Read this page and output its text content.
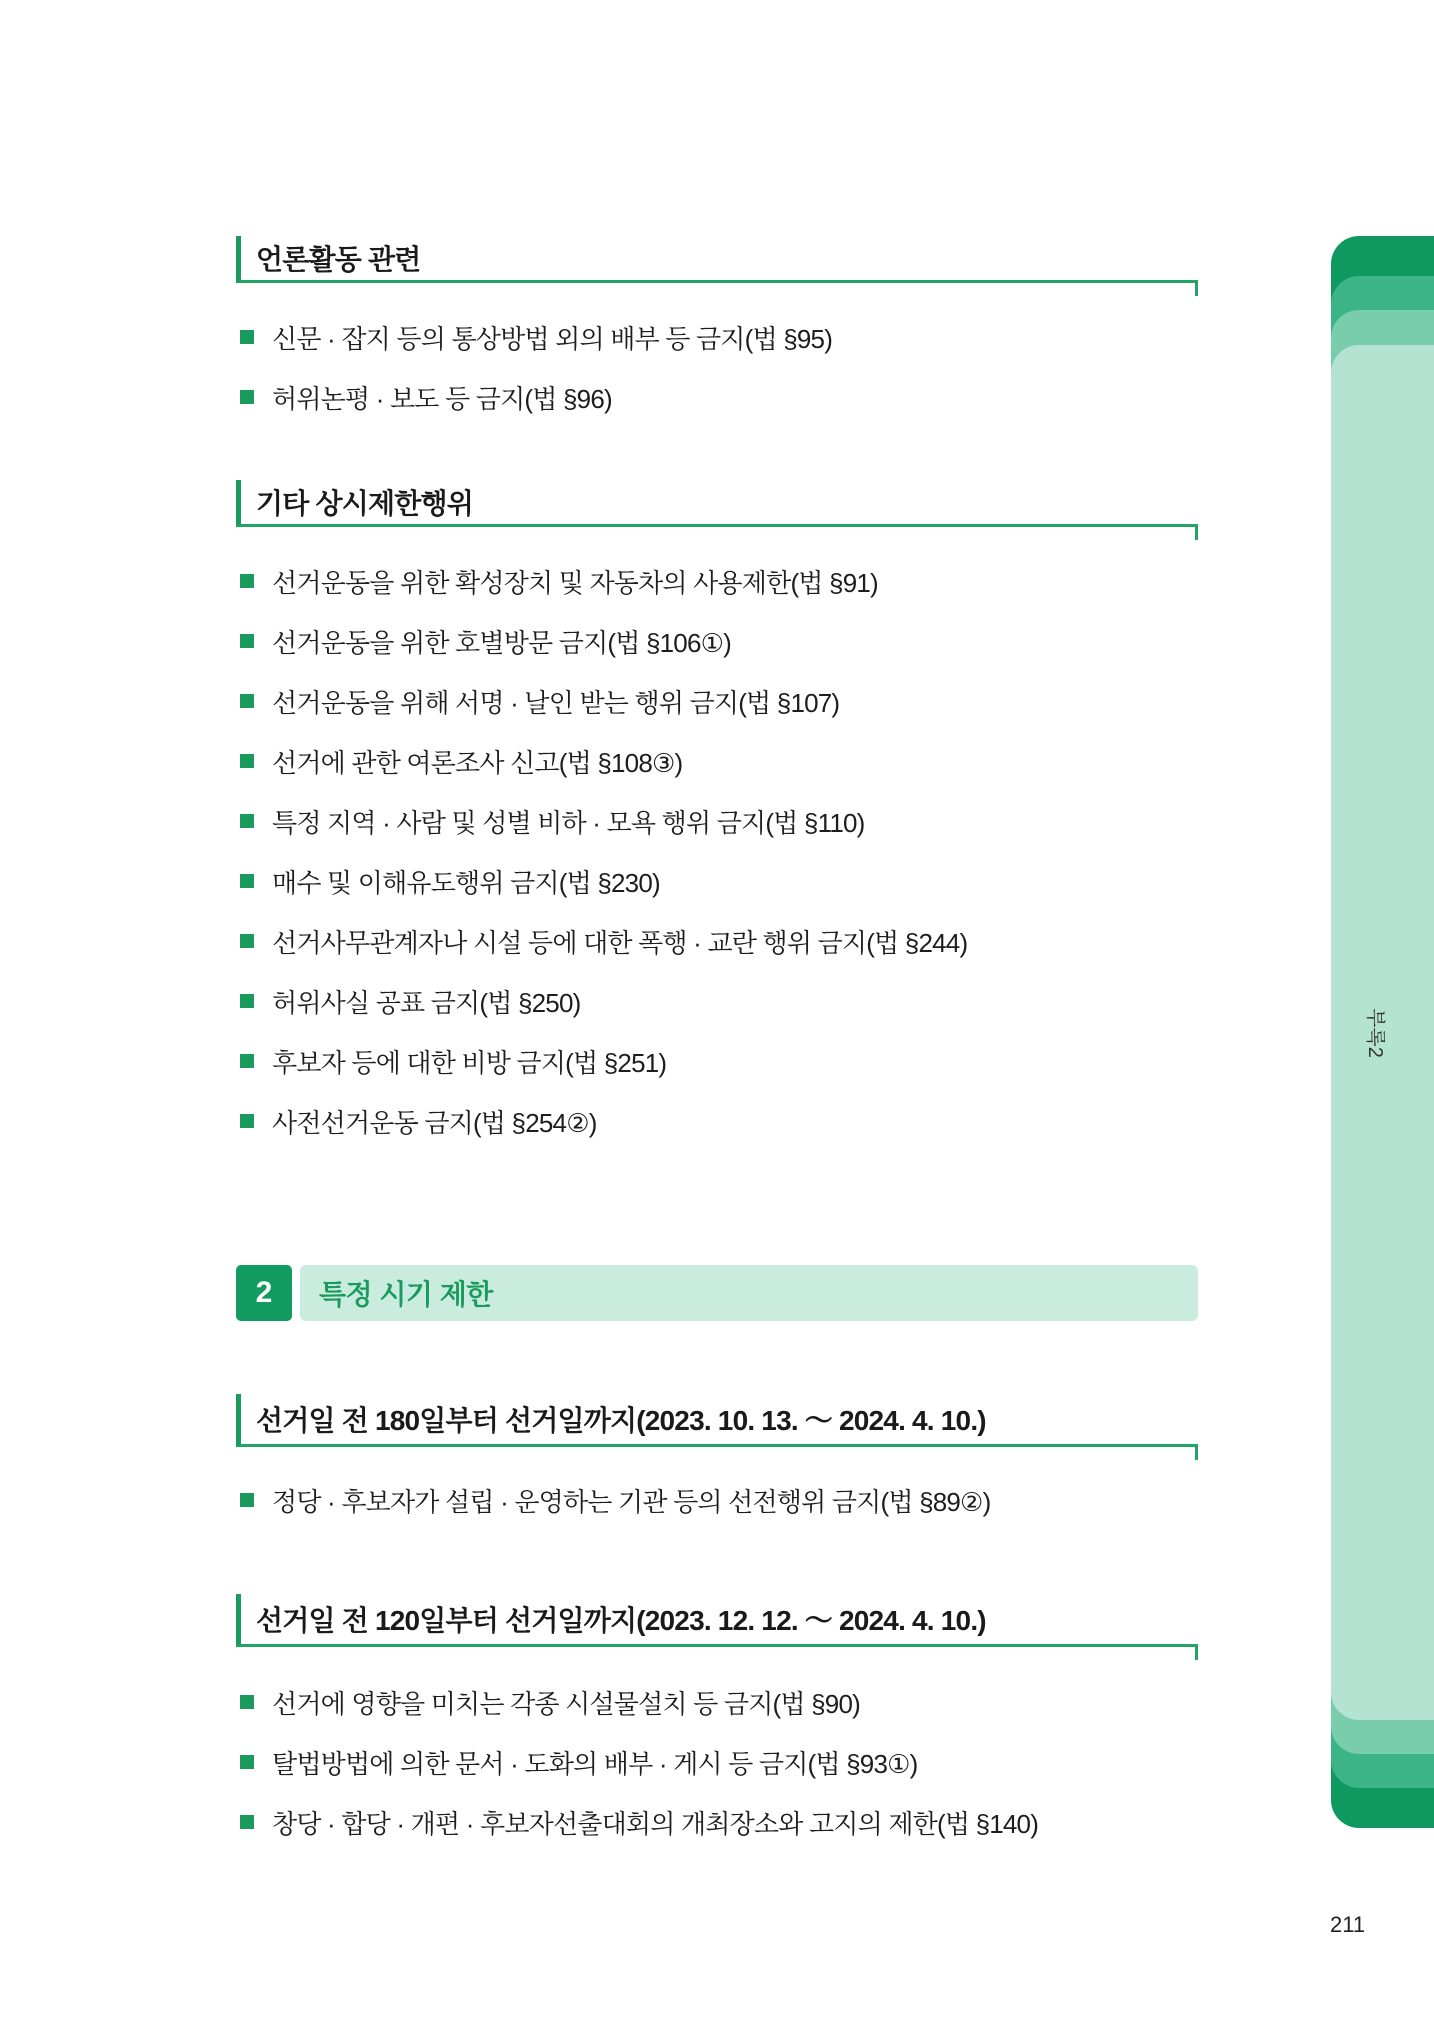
부록2
언론활동 관련
신문 · 잡지 등의 통상방법 외의 배부 등 금지(법 §95)
허위논평 · 보도 등 금지(법 §96)
기타 상시제한행위
선거운동을 위한 확성장치 및 자동차의 사용제한(법 §91)
선거운동을 위한 호별방문 금지(법 §106①)
선거운동을 위해 서명 · 날인 받는 행위 금지(법 §107)
선거에 관한 여론조사 신고(법 §108③)
특정 지역 · 사람 및 성별 비하 · 모욕 행위 금지(법 §110)
매수 및 이해유도행위 금지(법 §230)
선거사무관계자나 시설 등에 대한 폭행 · 교란 행위 금지(법 §244)
허위사실 공표 금지(법 §250)
후보자 등에 대한 비방 금지(법 §251)
사전선거운동 금지(법 §254②)
2	특정 시기 제한
선거일 전 180일부터 선거일까지(2023. 10. 13. ～ 2024. 4. 10.)
정당 · 후보자가 설립 · 운영하는 기관 등의 선전행위 금지(법 §89②)
선거일 전 120일부터 선거일까지(2023. 12. 12. ～ 2024. 4. 10.)
선거에 영향을 미치는 각종 시설물설치 등 금지(법 §90)
탈법방법에 의한 문서 · 도화의 배부 · 게시 등 금지(법 §93①)
창당 · 합당 · 개편 · 후보자선출대회의 개최장소와 고지의 제한(법 §140)
211
